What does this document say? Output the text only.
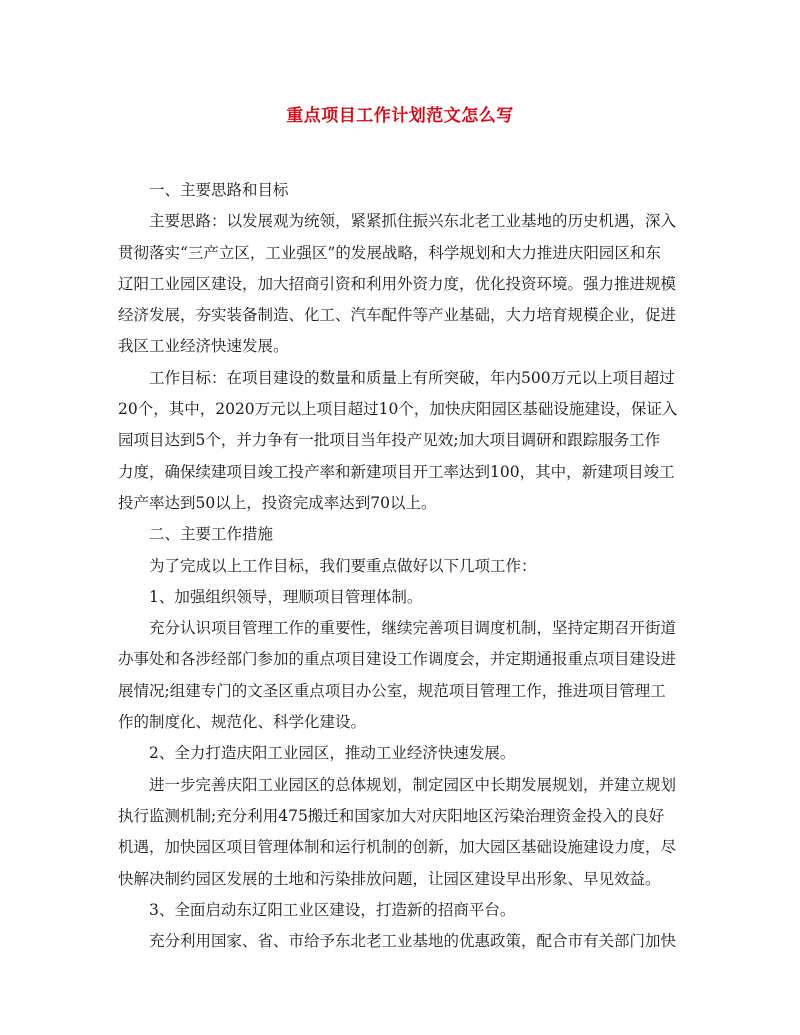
重点项目工作计划范文怎么写

一、主要思路和目标

主要思路：以发展观为统领，紧紧抓住振兴东北老工业基地的历史机遇，深入
贯彻落实“三产立区，工业强区”的发展战略，科学规划和大力推进庆阳园区和东
辽阳工业园区建设，加大招商引资和利用外资力度，优化投资环境。强力推进规模
经济发展，夯实装备制造、化工、汽车配件等产业基础，大力培育规模企业，促进
我区工业经济快速发展。

工作目标：在项目建设的数量和质量上有所突破，年内500万元以上项目超过
20个，其中，2020万元以上项目超过10个，加快庆阳园区基础设施建设，保证入
园项目达到5个，并力争有一批项目当年投产见效;加大项目调研和跟踪服务工作
力度，确保续建项目竣工投产率和新建项目开工率达到100，其中，新建项目竣工
投产率达到50以上，投资完成率达到70以上。

二、主要工作措施

为了完成以上工作目标，我们要重点做好以下几项工作：

1、加强组织领导，理顺项目管理体制。

充分认识项目管理工作的重要性，继续完善项目调度机制，坚持定期召开街道
办事处和各涉经部门参加的重点项目建设工作调度会，并定期通报重点项目建设进
展情况;组建专门的文圣区重点项目办公室，规范项目管理工作，推进项目管理工
作的制度化、规范化、科学化建设。

2、全力打造庆阳工业园区，推动工业经济快速发展。

进一步完善庆阳工业园区的总体规划，制定园区中长期发展规划，并建立规划
执行监测机制;充分利用475搬迁和国家加大对庆阳地区污染治理资金投入的良好
机遇，加快园区项目管理体制和运行机制的创新，加大园区基础设施建设力度，尽
快解决制约园区发展的土地和污染排放问题，让园区建设早出形象、早见效益。

3、全面启动东辽阳工业区建设，打造新的招商平台。

充分利用国家、省、市给予东北老工业基地的优惠政策，配合市有关部门加快
